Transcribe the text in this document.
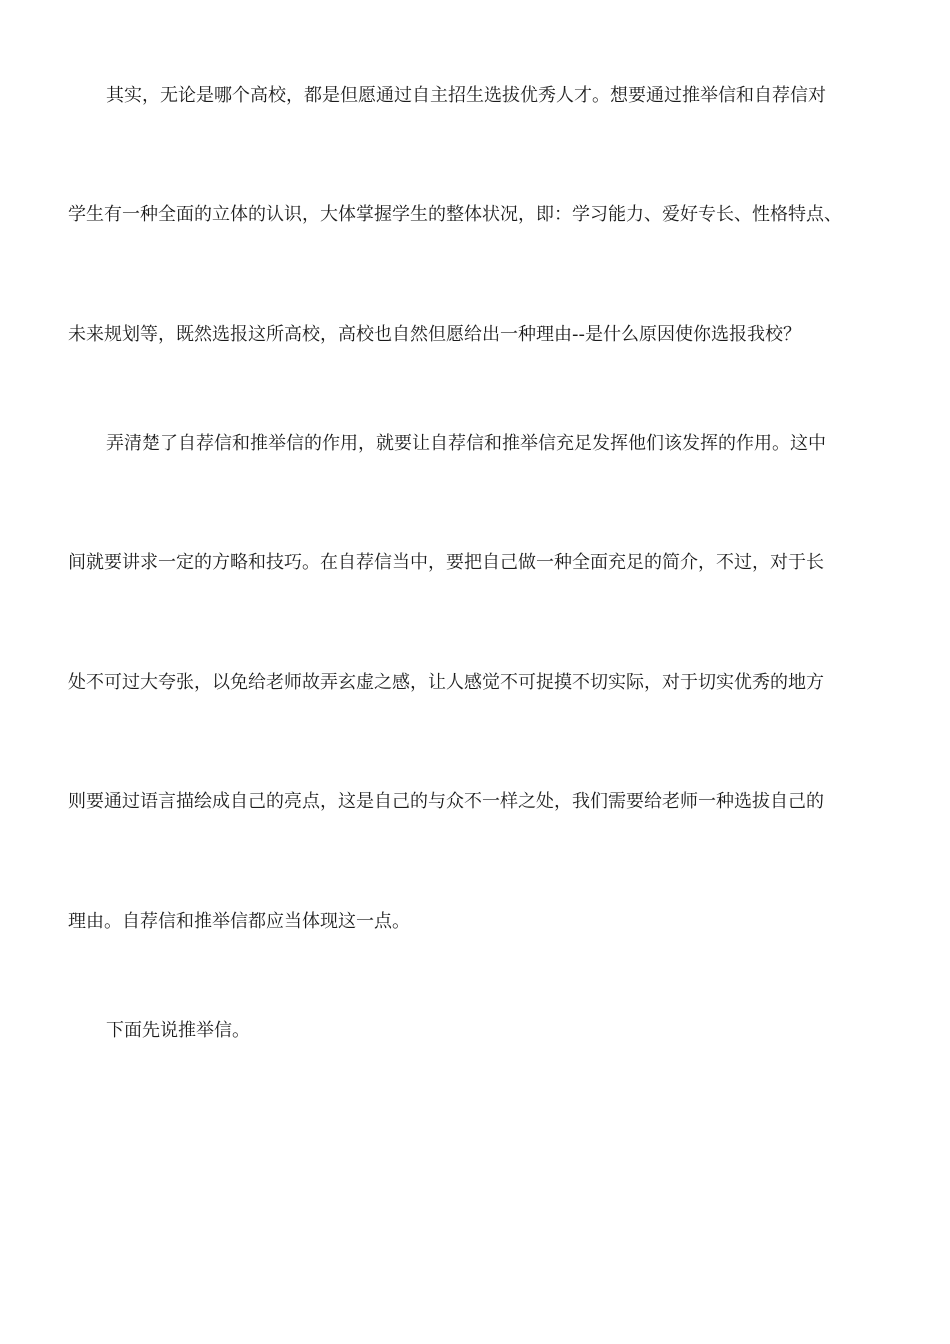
其实，无论是哪个高校，都是但愿通过自主招生选拔优秀人才。想要通过推举信和自荐信对
学生有一种全面的立体的认识，大体掌握学生的整体状况，即：学习能力、爱好专长、性格特点、
未来规划等，既然选报这所高校，高校也自然但愿给出一种理由--是什么原因使你选报我校？
弄清楚了自荐信和推举信的作用，就要让自荐信和推举信充足发挥他们该发挥的作用。这中
间就要讲求一定的方略和技巧。在自荐信当中，要把自己做一种全面充足的简介，不过，对于长
处不可过大夸张，以免给老师故弄玄虚之感，让人感觉不可捉摸不切实际，对于切实优秀的地方
则要通过语言描绘成自己的亮点，这是自己的与众不一样之处，我们需要给老师一种选拔自己的
理由。自荐信和推举信都应当体现这一点。
下面先说推举信。
